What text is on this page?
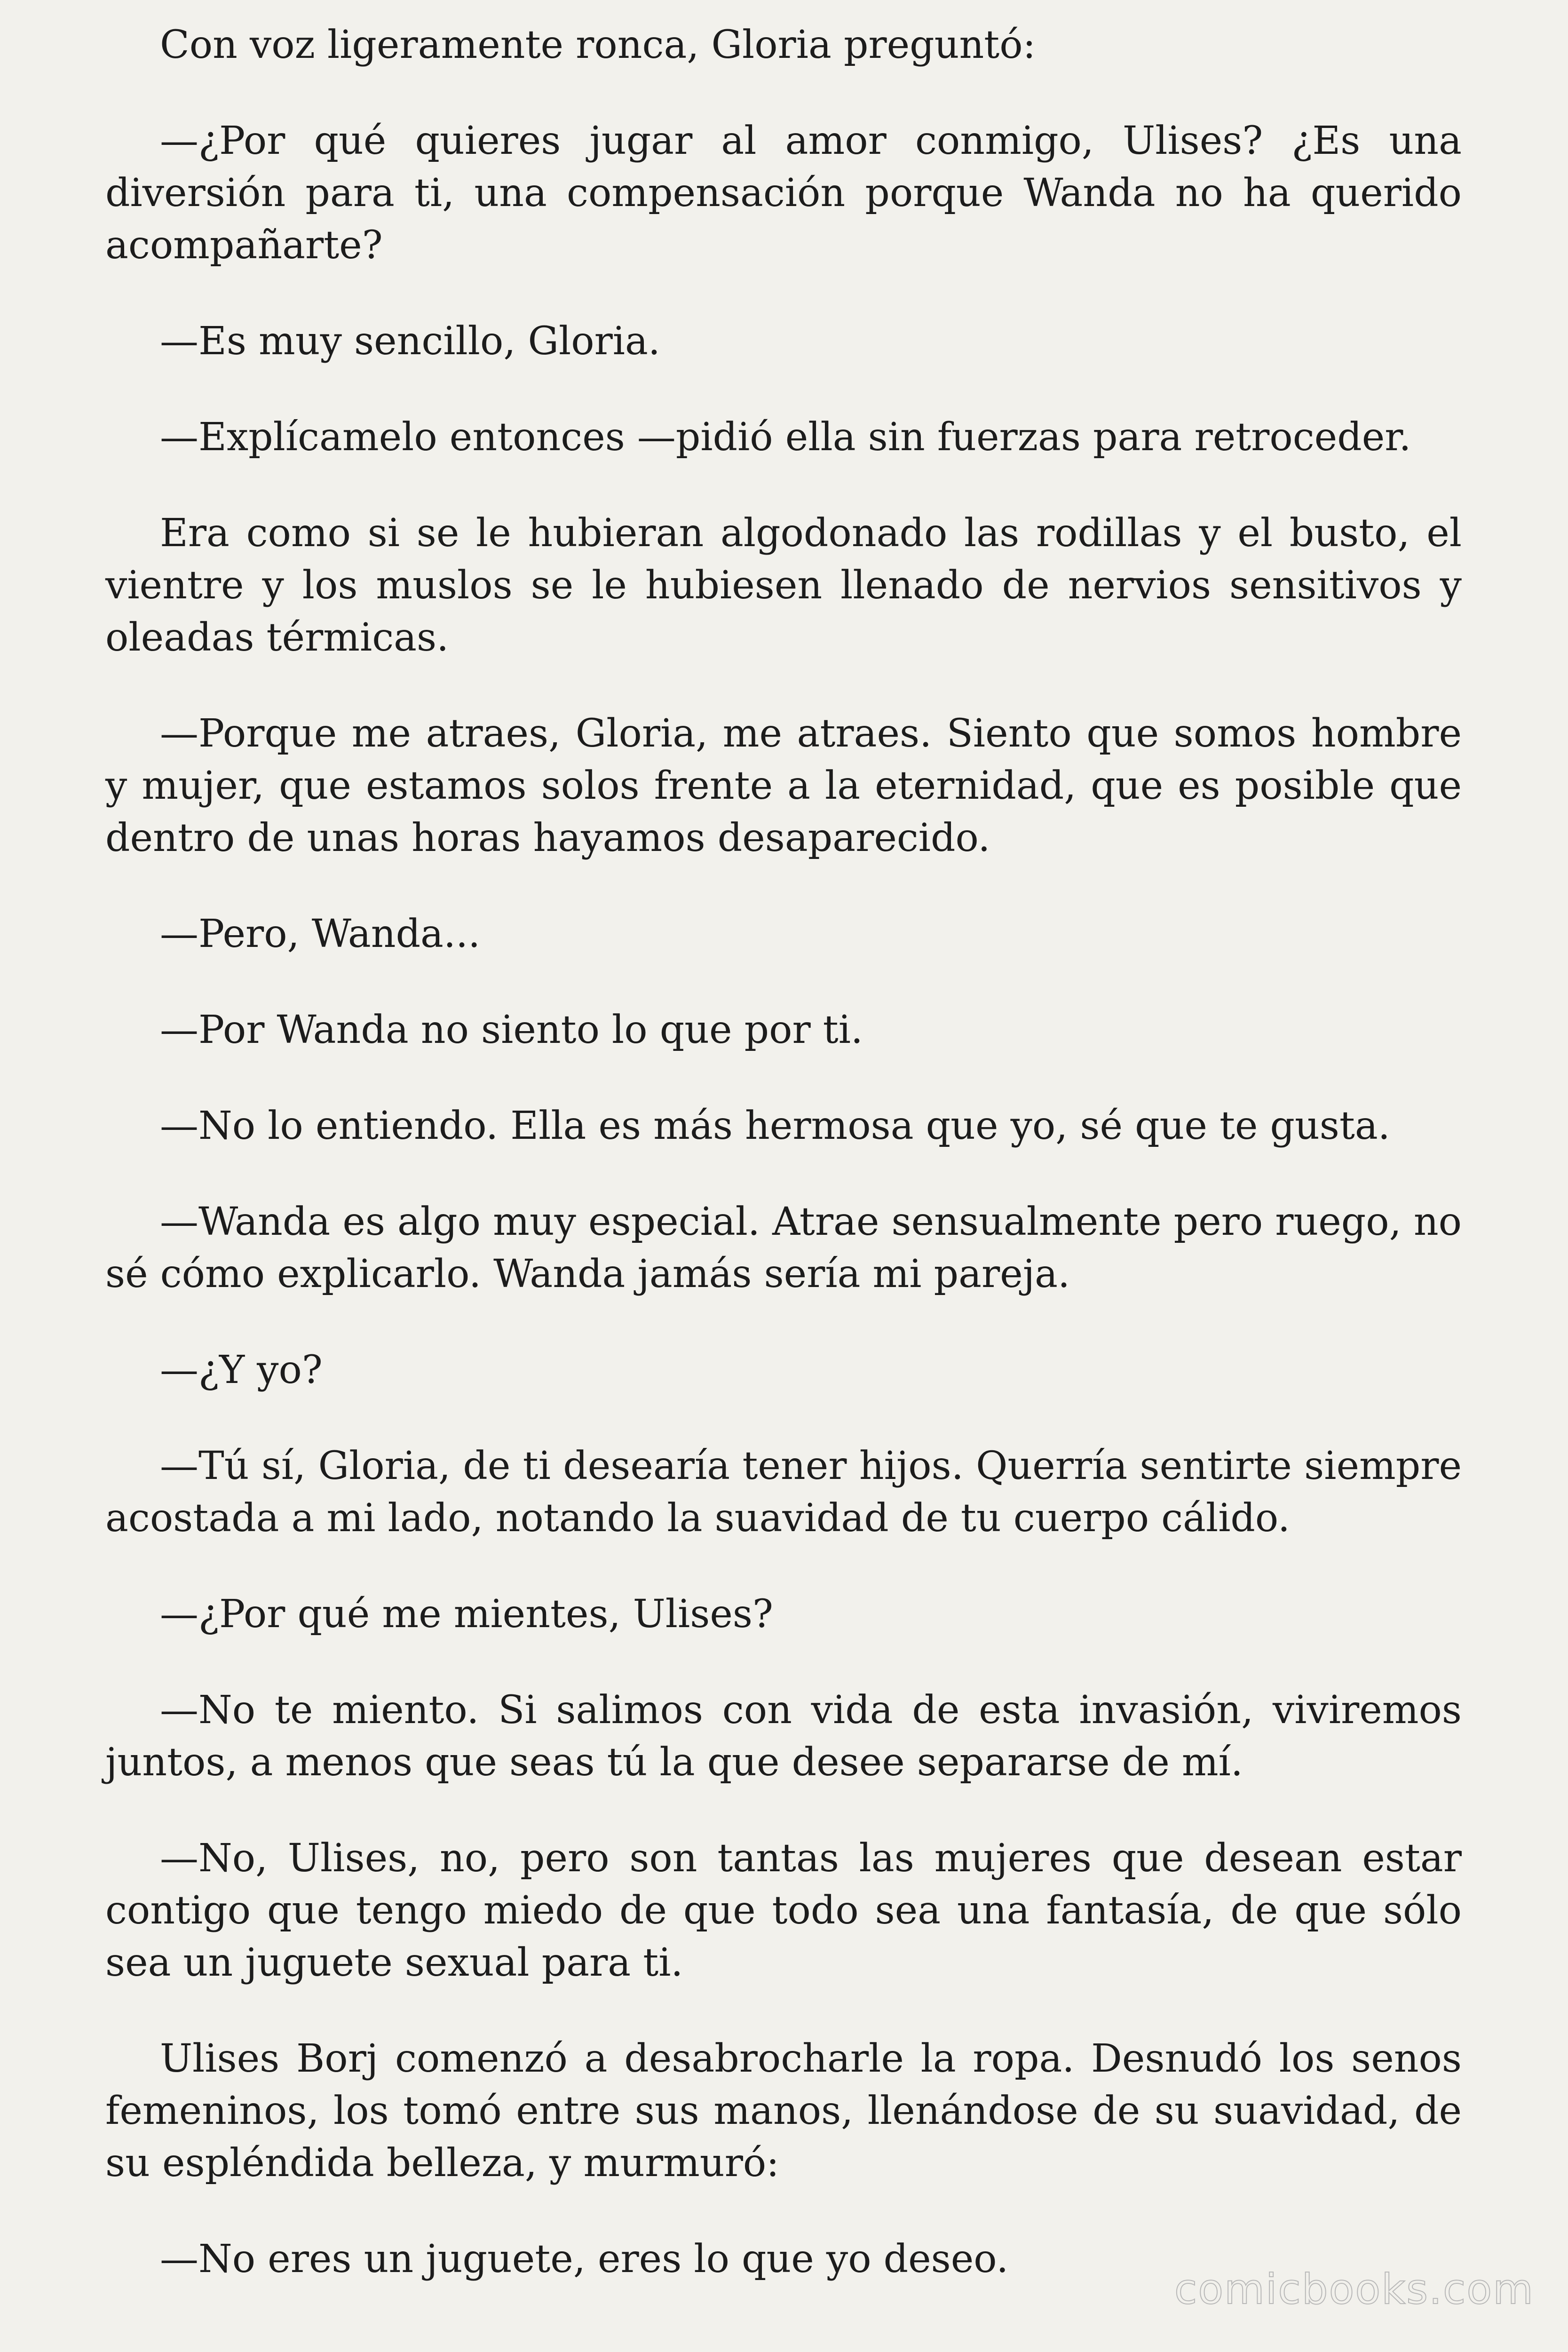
Con voz ligeramente ronca, Gloria preguntó:

—¿Por qué quieres jugar al amor conmigo, Ulises? ¿Es una diversión para ti, una compensación porque Wanda no ha querido acompañarte?

—Es muy sencillo, Gloria.

—Explícamelo entonces —pidió ella sin fuerzas para retroceder.

Era como si se le hubieran algodonado las rodillas y el busto, el vientre y los muslos se le hubiesen llenado de nervios sensitivos y oleadas térmicas.

—Porque me atraes, Gloria, me atraes. Siento que somos hombre y mujer, que estamos solos frente a la eternidad, que es posible que dentro de unas horas hayamos desaparecido.

—Pero, Wanda...

—Por Wanda no siento lo que por ti.

—No lo entiendo. Ella es más hermosa que yo, sé que te gusta.

—Wanda es algo muy especial. Atrae sensualmente pero ruego, no sé cómo explicarlo. Wanda jamás sería mi pareja.

—¿Y yo?

—Tú sí, Gloria, de ti desearía tener hijos. Querría sentirte siempre acostada a mi lado, notando la suavidad de tu cuerpo cálido.

—¿Por qué me mientes, Ulises?

—No te miento. Si salimos con vida de esta invasión, viviremos juntos, a menos que seas tú la que desee separarse de mí.

—No, Ulises, no, pero son tantas las mujeres que desean estar contigo que tengo miedo de que todo sea una fantasía, de que sólo sea un juguete sexual para ti.

Ulises Borj comenzó a desabrocharle la ropa. Desnudó los senos femeninos, los tomó entre sus manos, llenándose de su suavidad, de su espléndida belleza, y murmuró:

—No eres un juguete, eres lo que yo deseo.

comicbooks.com
